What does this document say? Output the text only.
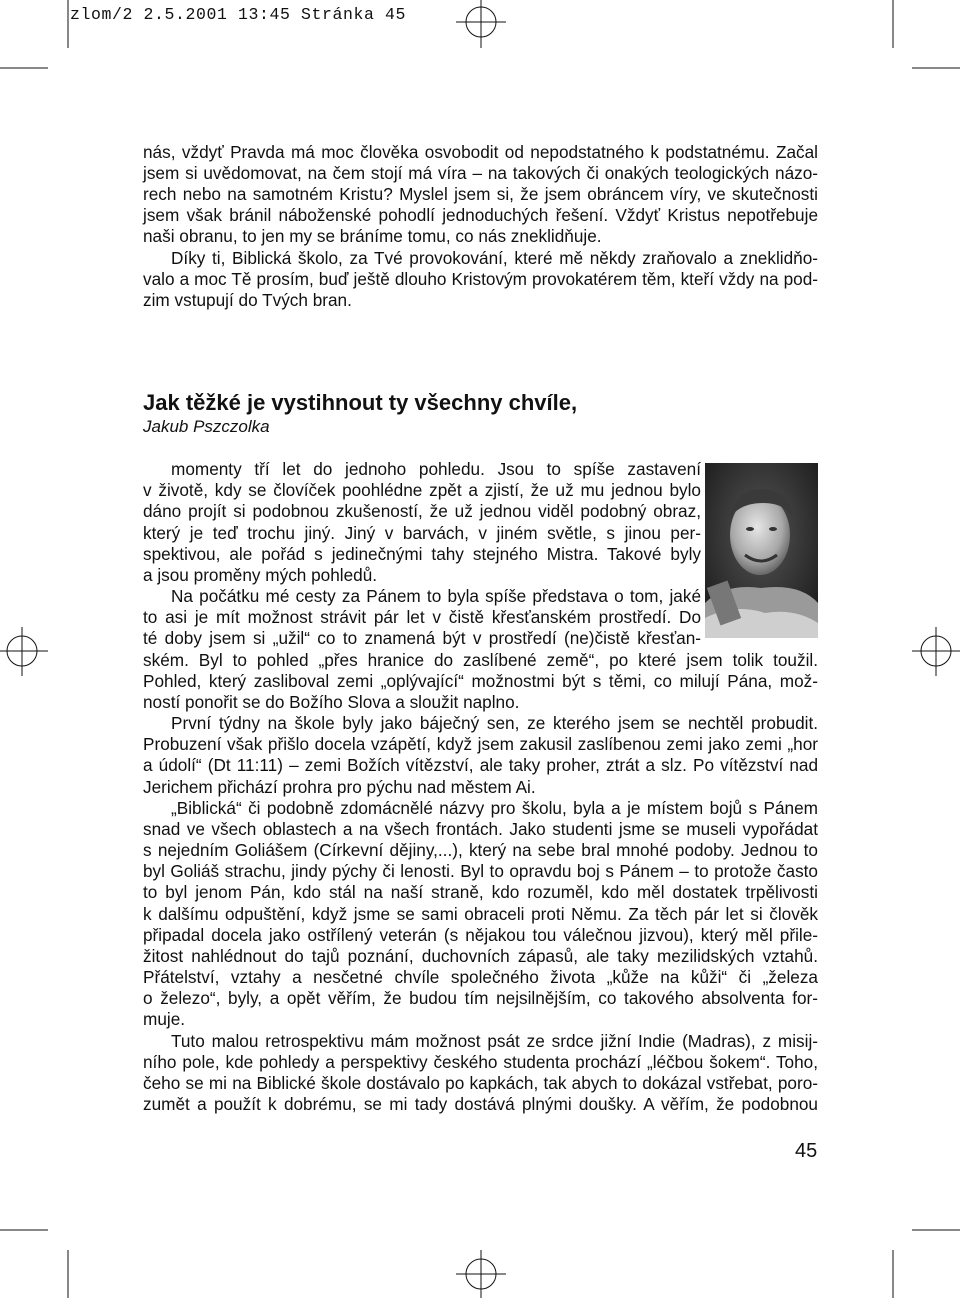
zlom/2 2.5.2001 13:45 Stránka 45
nás, vždyť Pravda má moc člověka osvobodit od nepodstatného k podstatnému. Začal
jsem si uvědomovat, na čem stojí má víra – na takových či onakých teologických názo-
rech nebo na samotném Kristu? Myslel jsem si, že jsem obráncem víry, ve skutečnosti
jsem však bránil náboženské pohodlí jednoduchých řešení. Vždyť Kristus nepotřebuje
naši obranu, to jen my se bráníme tomu, co nás zneklidňuje.
Díky ti, Biblická školo, za Tvé provokování, které mě někdy zraňovalo a zneklidňo-
valo a moc Tě prosím, buď ještě dlouho Kristovým provokatérem těm, kteří vždy na pod-
zim vstupují do Tvých bran.
Jak těžké je vystihnout ty všechny chvíle,
Jakub Pszczolka
momenty tří let do jednoho pohledu. Jsou to spíše zastavení
v životě, kdy se človíček poohlédne zpět a zjistí, že už mu jednou bylo
dáno projít si podobnou zkušeností, že už jednou viděl podobný obraz,
který je teď trochu jiný. Jiný v barvách, v jiném světle, s jinou per-
spektivou, ale pořád s jedinečnými tahy stejného Mistra. Takové byly
a jsou proměny mých pohledů.
Na počátku mé cesty za Pánem to byla spíše představa o tom, jaké
to asi je mít možnost strávit pár let v čistě křesťanském prostředí. Do
té doby jsem si „užil“ co to znamená být v prostředí (ne)čistě křesťan-
ském. Byl to pohled „přes hranice do zaslíbené země“, po které jsem tolik toužil.
Pohled, který zasliboval zemi „oplývající“ možnostmi být s těmi, co milují Pána, mož-
ností ponořit se do Božího Slova a sloužit naplno.
První týdny na škole byly jako báječný sen, ze kterého jsem se nechtěl probudit.
Probuzení však přišlo docela vzápětí, když jsem zakusil zaslíbenou zemi jako zemi „hor
a údolí“ (Dt 11:11) – zemi Božích vítězství, ale taky proher, ztrát a slz. Po vítězství nad
Jerichem přichází prohra pro pýchu nad městem Ai.
„Biblická“ či podobně zdomácnělé názvy pro školu, byla a je místem bojů s Pánem
snad ve všech oblastech a na všech frontách. Jako studenti jsme se museli vypořádat
s nejedním Goliášem (Církevní dějiny,...), který na sebe bral mnohé podoby. Jednou to
byl Goliáš strachu, jindy pýchy či lenosti. Byl to opravdu boj s Pánem – to protože často
to byl jenom Pán, kdo stál na naší straně, kdo rozuměl, kdo měl dostatek trpělivosti
k dalšímu odpuštění, když jsme se sami obraceli proti Němu. Za těch pár let si člověk
připadal docela jako ostřílený veterán (s nějakou tou válečnou jizvou), který měl přile-
žitost nahlédnout do tajů poznání, duchovních zápasů, ale taky mezilidských vztahů.
Přátelství, vztahy a nesčetné chvíle společného života „kůže na kůži“ či „železa
o železo“, byly, a opět věřím, že budou tím nejsilnějším, co takového absolventa for-
muje.
Tuto malou retrospektivu mám možnost psát ze srdce jižní Indie (Madras), z misij-
ního pole, kde pohledy a perspektivy českého studenta prochází „léčbou šokem“. Toho,
čeho se mi na Biblické škole dostávalo po kapkách, tak abych to dokázal vstřebat, poro-
zumět a použít k dobrému, se mi tady dostává plnými doušky. A věřím, že podobnou
45
